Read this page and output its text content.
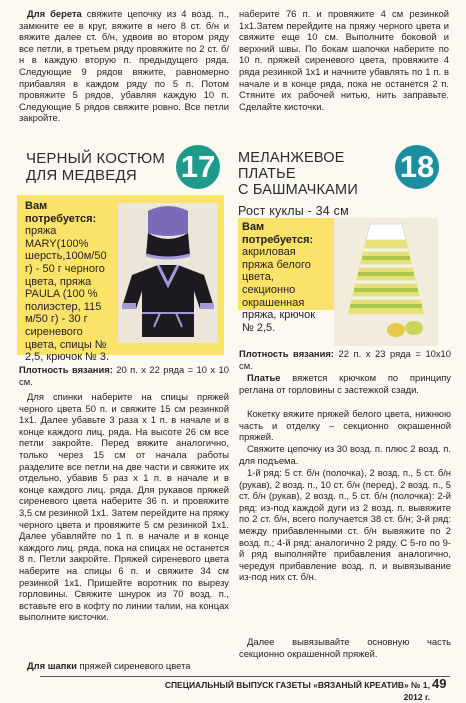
Для берета свяжите цепочку из 4 возд. п., замкните ее в круг, вяжите в него 8 ст. б/н и вяжите далее ст. б/н, удвоив во втором ряду все петли, в третьем ряду провяжите по 2 ст. б/н в каждую вторую п. предыдущего ряда. Следующие 9 рядов вяжите, равномерно прибавляя в каждом ряду по 5 п. Потом провяжите 5 рядов, убавляя каждую 10 п. Следующие 5 рядов свяжите ровно. Все петли закройте.

ЧЕРНЫЙ КОСТЮМ
ДЛЯ МЕДВЕДЯ	17
Вам потребуется: пряжа MARY(100% шерсть,100м/50 г) - 50 г черного цвета, пряжа PAULA (100 % полиэстер, 115 м/50 г) - 30 г сиреневого цвета, спицы № 2,5, крючок № 3.

Плотность вязания: 20 п. х 22 ряда = 10 х 10 см.

Для спинки наберите на спицы пряжей черного цвета 50 п. и свяжите 15 см резинкой 1х1. Далее убавьте 3 раза х 1 п. в начале и в конце каждого лиц. ряда. На высоте 26 см все петли закройте. Перед вяжите аналогично, только через 15 см от начала работы разделите все петли на две части и свяжите их отдельно, убавив 5 раз х 1 п. в начале и в конце каждого лиц. ряда. Для рукавов пряжей сиреневого цвета наберите 36 п. и провяжите 3,5 см резинкой 1х1. Затем перейдите на пряжу черного цвета и провяжите 5 см резинкой 1х1. Далее убавляйте по 1 п. в начале и в конце каждого лиц. ряда, пока на спицах не останется 8 п. Петли закройте. Пряжей сиреневого цвета наберите на спицы 6 п. и свяжите 34 см резинкой 1х1. Пришейте воротник по вырезу горловины. Свяжите шнурок из 70 возд. п., вставьте его в кофту по линии талии, на концах выполните кисточки.

Для шапки пряжей сиреневого цвета

наберите 76 п. и провяжите 4 см резинкой 1х1.Затем перейдите на пряжу черного цвета и свяжите еще 10 см. Выполните боковой и верхний швы. По бокам шапочки наберите по 10 п. пряжей сиреневого цвета, провяжите 4 ряда резинкой 1х1 и начните убавлять по 1 п. в начале и в конце ряда, пока не останется 2 п. Стяните их рабочей нитью, нить заправьте. Сделайте кисточки.

МЕЛАНЖЕВОЕ
ПЛАТЬЕ
С БАШМАЧКАМИ
Рост куклы - 34 см
18
Вам потребуется: акриловая пряжа белого цвета, секционно окрашенная пряжа, крючок № 2,5.

Плотность вязания: 22 п. х 23 ряда = 10х10 см.

Платье вяжется крючком по принципу реглана от горловины с застежкой сзади.

Кокетку вяжите пряжей белого цвета, нижнюю часть и отделку – секционно окрашенной пряжей.

Свяжите цепочку из 30 возд. п. плюс 2 возд. п. для подъема.

1-й ряд: 5 ст. б/н (полочка), 2 возд. п., 5 ст. б/н (рукав), 2 возд. п., 10 ст. б/н (перед), 2 возд. п., 5 ст. б/н (рукав), 2 возд. п., 5 ст. б/н (полочка): 2-й ряд: из-под каждой дуги из 2 возд. п. вывяжите по 2 ст. б/н, всего получается 38 ст. б/н; 3-й ряд: между прибавленными ст. б/н вывяжите по 2 возд. п.; 4-й ряд: аналогично 2 ряду. С 5-го по 9-й ряд выполняйте прибавления аналогично, чередуя прибавление возд. п. и вывязывание из-под них ст. б/н.

Далее вывязывайте основную часть секционно окрашенной пряжей.

СПЕЦИАЛЬНЫЙ ВЫПУСК ГАЗЕТЫ «ВЯЗАНЫЙ КРЕАТИВ» № 1, 2012 г.
49
